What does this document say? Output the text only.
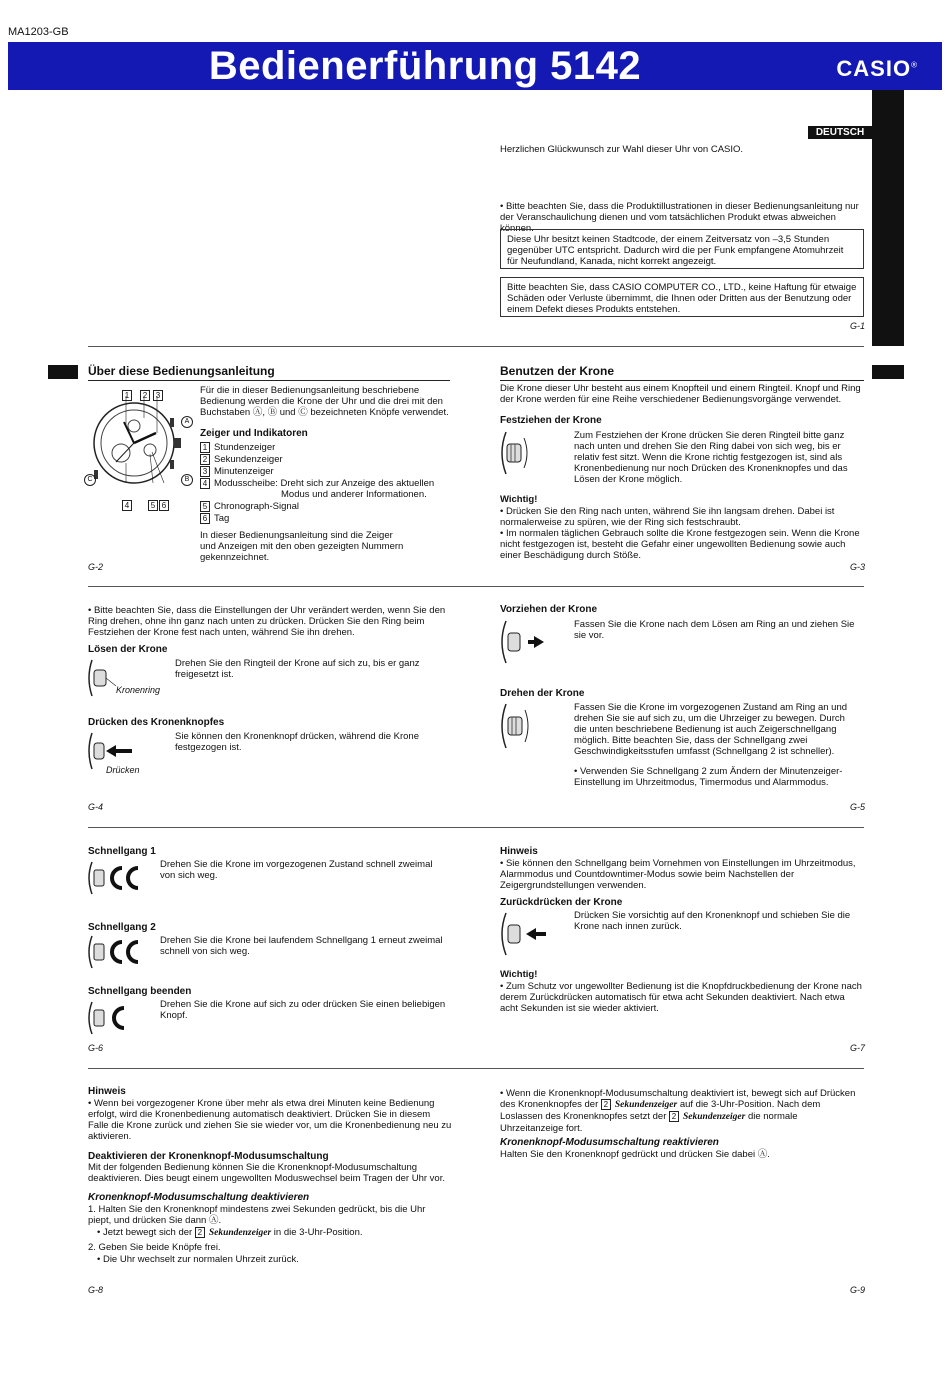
MA1203-GB
Bedienerführung 5142	CASIO®
DEUTSCH
Herzlichen Glückwunsch zur Wahl dieser Uhr von CASIO.
• Bitte beachten Sie, dass die Produktillustrationen in dieser Bedienungsanleitung nur der Veranschaulichung dienen und vom tatsächlichen Produkt etwas abweichen können.
Diese Uhr besitzt keinen Stadtcode, der einem Zeitversatz von –3,5 Stunden gegenüber UTC entspricht. Dadurch wird die per Funk empfangene Atomuhrzeit für Neufundland, Kanada, nicht korrekt angezeigt.
Bitte beachten Sie, dass CASIO COMPUTER CO., LTD., keine Haftung für etwaige Schäden oder Verluste übernimmt, die Ihnen oder Dritten aus der Benutzung oder einem Defekt dieses Produkts entstehen.
G-1
Über diese Bedienungsanleitung
1	2	3
4	5 6
A
B
C
Für die in dieser Bedienungsanleitung beschriebene Bedienung werden die Krone der Uhr und die drei mit den Buchstaben Ⓐ, Ⓑ und Ⓒ bezeichneten Knöpfe verwendet.
Zeiger und Indikatoren
1 Stundenzeiger
2 Sekundenzeiger
3 Minutenzeiger
4 Modusscheibe: Dreht sich zur Anzeige des aktuellen
Modus und anderer Informationen.
5 Chronograph-Signal
6 Tag
In dieser Bedienungsanleitung sind die Zeiger und Anzeigen mit den oben gezeigten Nummern gekennzeichnet.
G-2
Benutzen der Krone
Die Krone dieser Uhr besteht aus einem Knopfteil und einem Ringteil. Knopf und Ring der Krone werden für eine Reihe verschiedener Bedienungsvorgänge verwendet.
Festziehen der Krone
Zum Festziehen der Krone drücken Sie deren Ringteil bitte ganz nach unten und drehen Sie den Ring dabei von sich weg, bis er relativ fest sitzt. Wenn die Krone richtig festgezogen ist, sind als Kronenbedienung nur noch Drücken des Kronenknopfes und das Lösen der Krone möglich.
Wichtig!
• Drücken Sie den Ring nach unten, während Sie ihn langsam drehen. Dabei ist normalerweise zu spüren, wie der Ring sich festschraubt.
• Im normalen täglichen Gebrauch sollte die Krone festgezogen sein. Wenn die Krone nicht festgezogen ist, besteht die Gefahr einer ungewollten Bedienung sowie auch einer Beschädigung durch Stöße.
G-3
• Bitte beachten Sie, dass die Einstellungen der Uhr verändert werden, wenn Sie den Ring drehen, ohne ihn ganz nach unten zu drücken. Drücken Sie den Ring beim Festziehen der Krone fest nach unten, während Sie ihn drehen.
Lösen der Krone
Kronenring
Drehen Sie den Ringteil der Krone auf sich zu, bis er ganz freigesetzt ist.
Drücken des Kronenknopfes
Drücken
Sie können den Kronenknopf drücken, während die Krone festgezogen ist.
G-4
Vorziehen der Krone
Fassen Sie die Krone nach dem Lösen am Ring an und ziehen Sie sie vor.
Drehen der Krone
Fassen Sie die Krone im vorgezogenen Zustand am Ring an und drehen Sie sie auf sich zu, um die Uhrzeiger zu bewegen. Durch die unten beschriebene Bedienung ist auch Zeigerschnellgang möglich. Bitte beachten Sie, dass der Schnellgang zwei Geschwindigkeitsstufen umfasst (Schnellgang 2 ist schneller).
• Verwenden Sie Schnellgang 2 zum Ändern der Minutenzeiger-Einstellung im Uhrzeitmodus, Timermodus und Alarmmodus.
G-5
Schnellgang 1
Drehen Sie die Krone im vorgezogenen Zustand schnell zweimal von sich weg.
Schnellgang 2
Drehen Sie die Krone bei laufendem Schnellgang 1 erneut zweimal schnell von sich weg.
Schnellgang beenden
Drehen Sie die Krone auf sich zu oder drücken Sie einen beliebigen Knopf.
G-6
Hinweis
• Sie können den Schnellgang beim Vornehmen von Einstellungen im Uhrzeitmodus, Alarmmodus und Countdowntimer-Modus sowie beim Nachstellen der Zeigergrundstellungen verwenden.
Zurückdrücken der Krone
Drücken Sie vorsichtig auf den Kronenknopf und schieben Sie die Krone nach innen zurück.
Wichtig!
• Zum Schutz vor ungewollter Bedienung ist die Knopfdruckbedienung der Krone nach derem Zurückdrücken automatisch für etwa acht Sekunden deaktiviert. Nach etwa acht Sekunden ist sie wieder aktiviert.
G-7
Hinweis
• Wenn bei vorgezogener Krone über mehr als etwa drei Minuten keine Bedienung erfolgt, wird die Kronenbedienung automatisch deaktiviert. Drücken Sie in diesem Falle die Krone zurück und ziehen Sie sie wieder vor, um die Kronenbedienung neu zu aktivieren.
Deaktivieren der Kronenknopf-Modusumschaltung
Mit der folgenden Bedienung können Sie die Kronenknopf-Modusumschaltung deaktivieren. Dies beugt einem ungewollten Moduswechsel beim Tragen der Uhr vor.
Kronenknopf-Modusumschaltung deaktivieren
1. Halten Sie den Kronenknopf mindestens zwei Sekunden gedrückt, bis die Uhr piept, und drücken Sie dann Ⓐ.
• Jetzt bewegt sich der 2 Sekundenzeiger in die 3-Uhr-Position.
2. Geben Sie beide Knöpfe frei.
• Die Uhr wechselt zur normalen Uhrzeit zurück.
G-8
• Wenn die Kronenknopf-Modusumschaltung deaktiviert ist, bewegt sich auf Drücken des Kronenknopfes der 2 Sekundenzeiger auf die 3-Uhr-Position. Nach dem Loslassen des Kronenknopfes setzt der 2 Sekundenzeiger die normale Uhrzeitanzeige fort.
Kronenknopf-Modusumschaltung reaktivieren
Halten Sie den Kronenknopf gedrückt und drücken Sie dabei Ⓐ.
G-9
